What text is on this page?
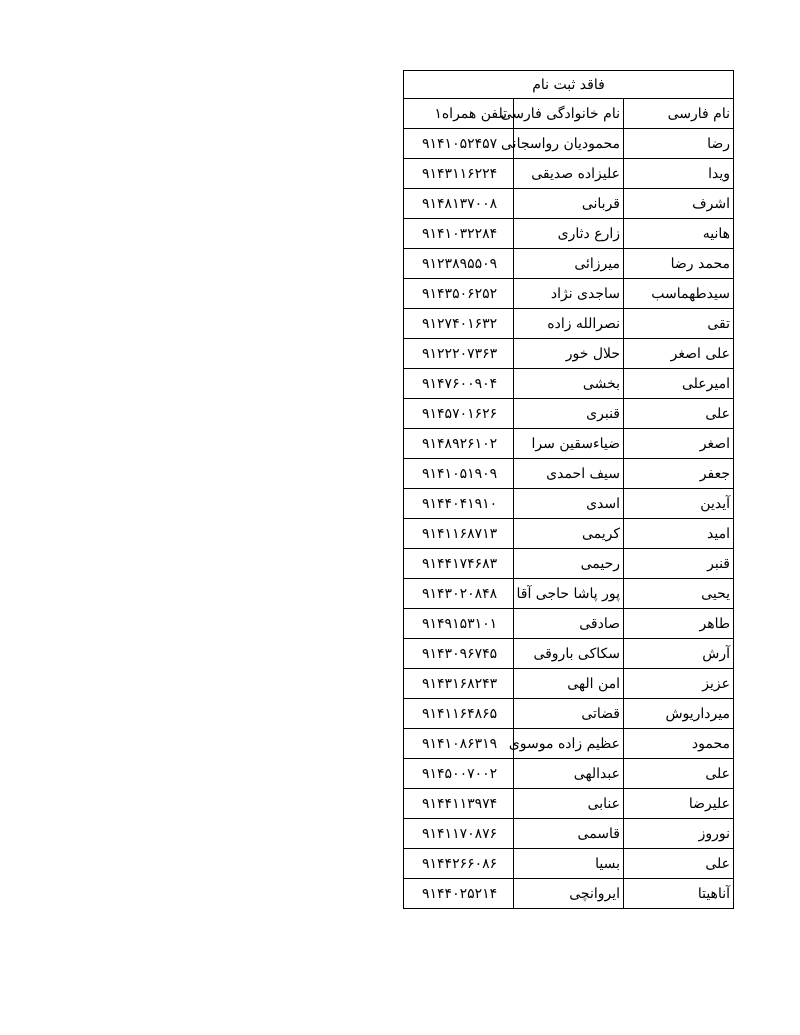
فاقد ثبت نام		
نام فارسی	نام خانوادگی فارسی	تلفن همراه۱
رضا	محمودیان رواسجانی	۹۱۴۱۰۵۲۴۵۷
ویدا	علیزاده صدیقی	۹۱۴۳۱۱۶۲۲۴
اشرف	قربانی	۹۱۴۸۱۳۷۰۰۸
هانیه	زارع دثاری	۹۱۴۱۰۳۲۲۸۴
محمد رضا	میرزائی	۹۱۲۳۸۹۵۵۰۹
سیدطهماسب	ساجدی نژاد	۹۱۴۳۵۰۶۲۵۲
تقی	نصرالله زاده	۹۱۲۷۴۰۱۶۳۲
علی اصغر	حلال خور	۹۱۲۲۲۰۷۳۶۳
امیرعلی	بخشی	۹۱۴۷۶۰۰۹۰۴
علی	قنبری	۹۱۴۵۷۰۱۶۲۶
اصغر	ضیاءسقین سرا	۹۱۴۸۹۲۶۱۰۲
جعفر	سیف احمدی	۹۱۴۱۰۵۱۹۰۹
آیدین	اسدی	۹۱۴۴۰۴۱۹۱۰
امید	کریمی	۹۱۴۱۱۶۸۷۱۳
قنبر	رحیمی	۹۱۴۴۱۷۴۶۸۳
یحیی	پور پاشا حاجی آقا	۹۱۴۳۰۲۰۸۴۸
طاهر	صادقی	۹۱۴۹۱۵۳۱۰۱
آرش	سکاکی باروقی	۹۱۴۳۰۹۶۷۴۵
عزیز	امن الهی	۹۱۴۳۱۶۸۲۴۳
میرداریوش	قضاتی	۹۱۴۱۱۶۴۸۶۵
محمود	عظیم زاده موسوی	۹۱۴۱۰۸۶۳۱۹
علی	عبدالهی	۹۱۴۵۰۰۷۰۰۲
علیرضا	عنابی	۹۱۴۴۱۱۳۹۷۴
نوروز	قاسمی	۹۱۴۱۱۷۰۸۷۶
علی	بسیا	۹۱۴۴۲۶۶۰۸۶
آناهیتا	ایروانچی	۹۱۴۴۰۲۵۲۱۴
